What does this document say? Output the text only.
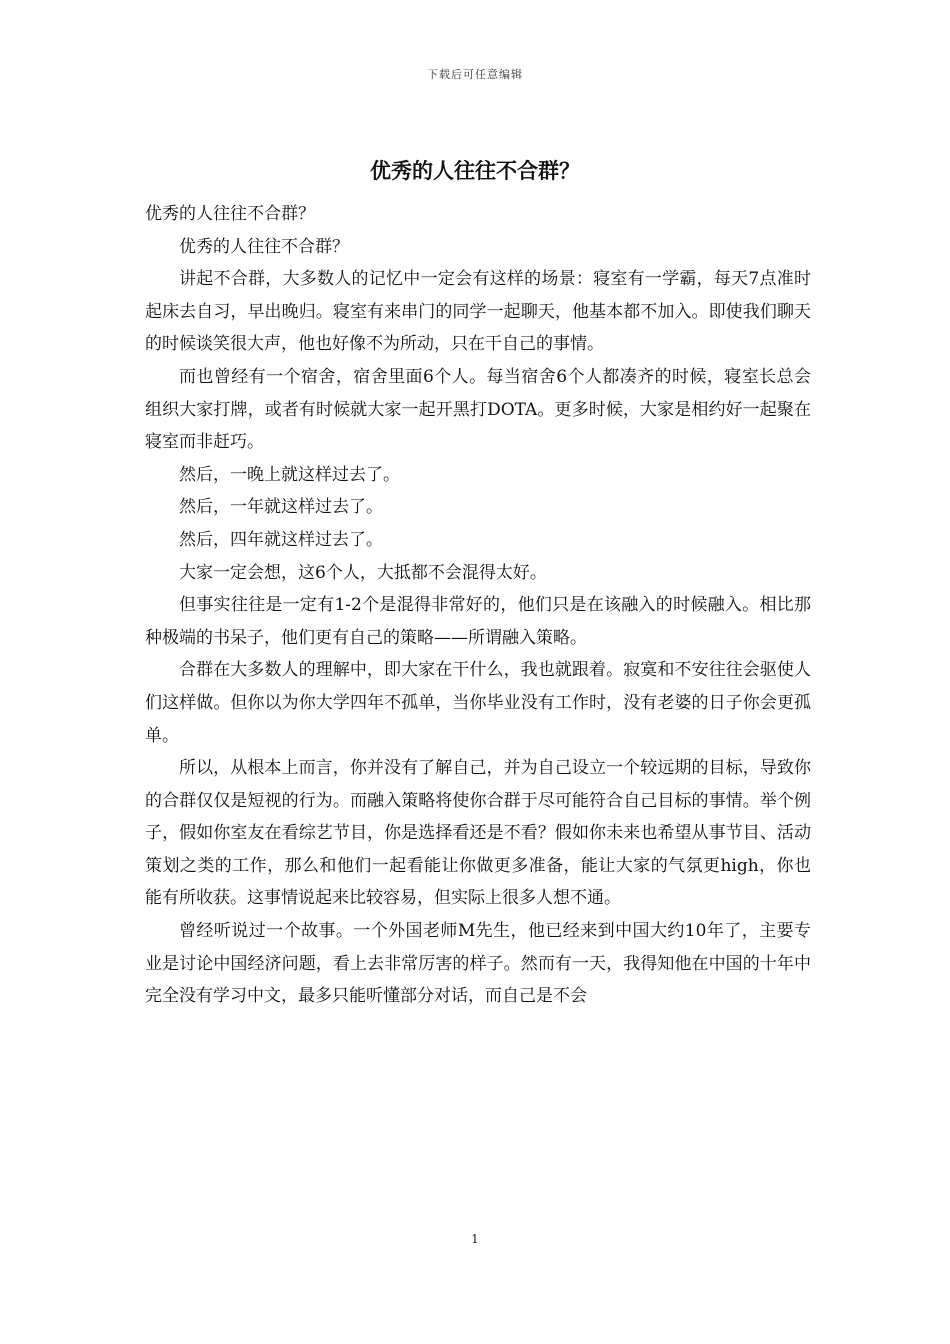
下载后可任意编辑
优秀的人往往不合群？

优秀的人往往不合群？

优秀的人往往不合群？

讲起不合群，大多数人的记忆中一定会有这样的场景：寝室有一学霸，每天7点准时起床去自习，早出晚归。寝室有来串门的同学一起聊天，他基本都不加入。即使我们聊天的时候谈笑很大声，他也好像不为所动，只在干自己的事情。

而也曾经有一个宿舍，宿舍里面6个人。每当宿舍6个人都凑齐的时候，寝室长总会组织大家打牌，或者有时候就大家一起开黑打DOTA。更多时候，大家是相约好一起聚在寝室而非赶巧。

然后，一晚上就这样过去了。

然后，一年就这样过去了。

然后，四年就这样过去了。

大家一定会想，这6个人，大抵都不会混得太好。

但事实往往是一定有1-2个是混得非常好的，他们只是在该融入的时候融入。相比那种极端的书呆子，他们更有自己的策略——所谓融入策略。

合群在大多数人的理解中，即大家在干什么，我也就跟着。寂寞和不安往往会驱使人们这样做。但你以为你大学四年不孤单，当你毕业没有工作时，没有老婆的日子你会更孤单。

所以，从根本上而言，你并没有了解自己，并为自己设立一个较远期的目标，导致你的合群仅仅是短视的行为。而融入策略将使你合群于尽可能符合自己目标的事情。举个例子，假如你室友在看综艺节目，你是选择看还是不看？假如你未来也希望从事节目、活动策划之类的工作，那么和他们一起看能让你做更多准备，能让大家的气氛更high，你也能有所收获。这事情说起来比较容易，但实际上很多人想不通。

曾经听说过一个故事。一个外国老师M先生，他已经来到中国大约10年了，主要专业是讨论中国经济问题，看上去非常厉害的样子。然而有一天，我得知他在中国的十年中完全没有学习中文，最多只能听懂部分对话，而自己是不会

1
